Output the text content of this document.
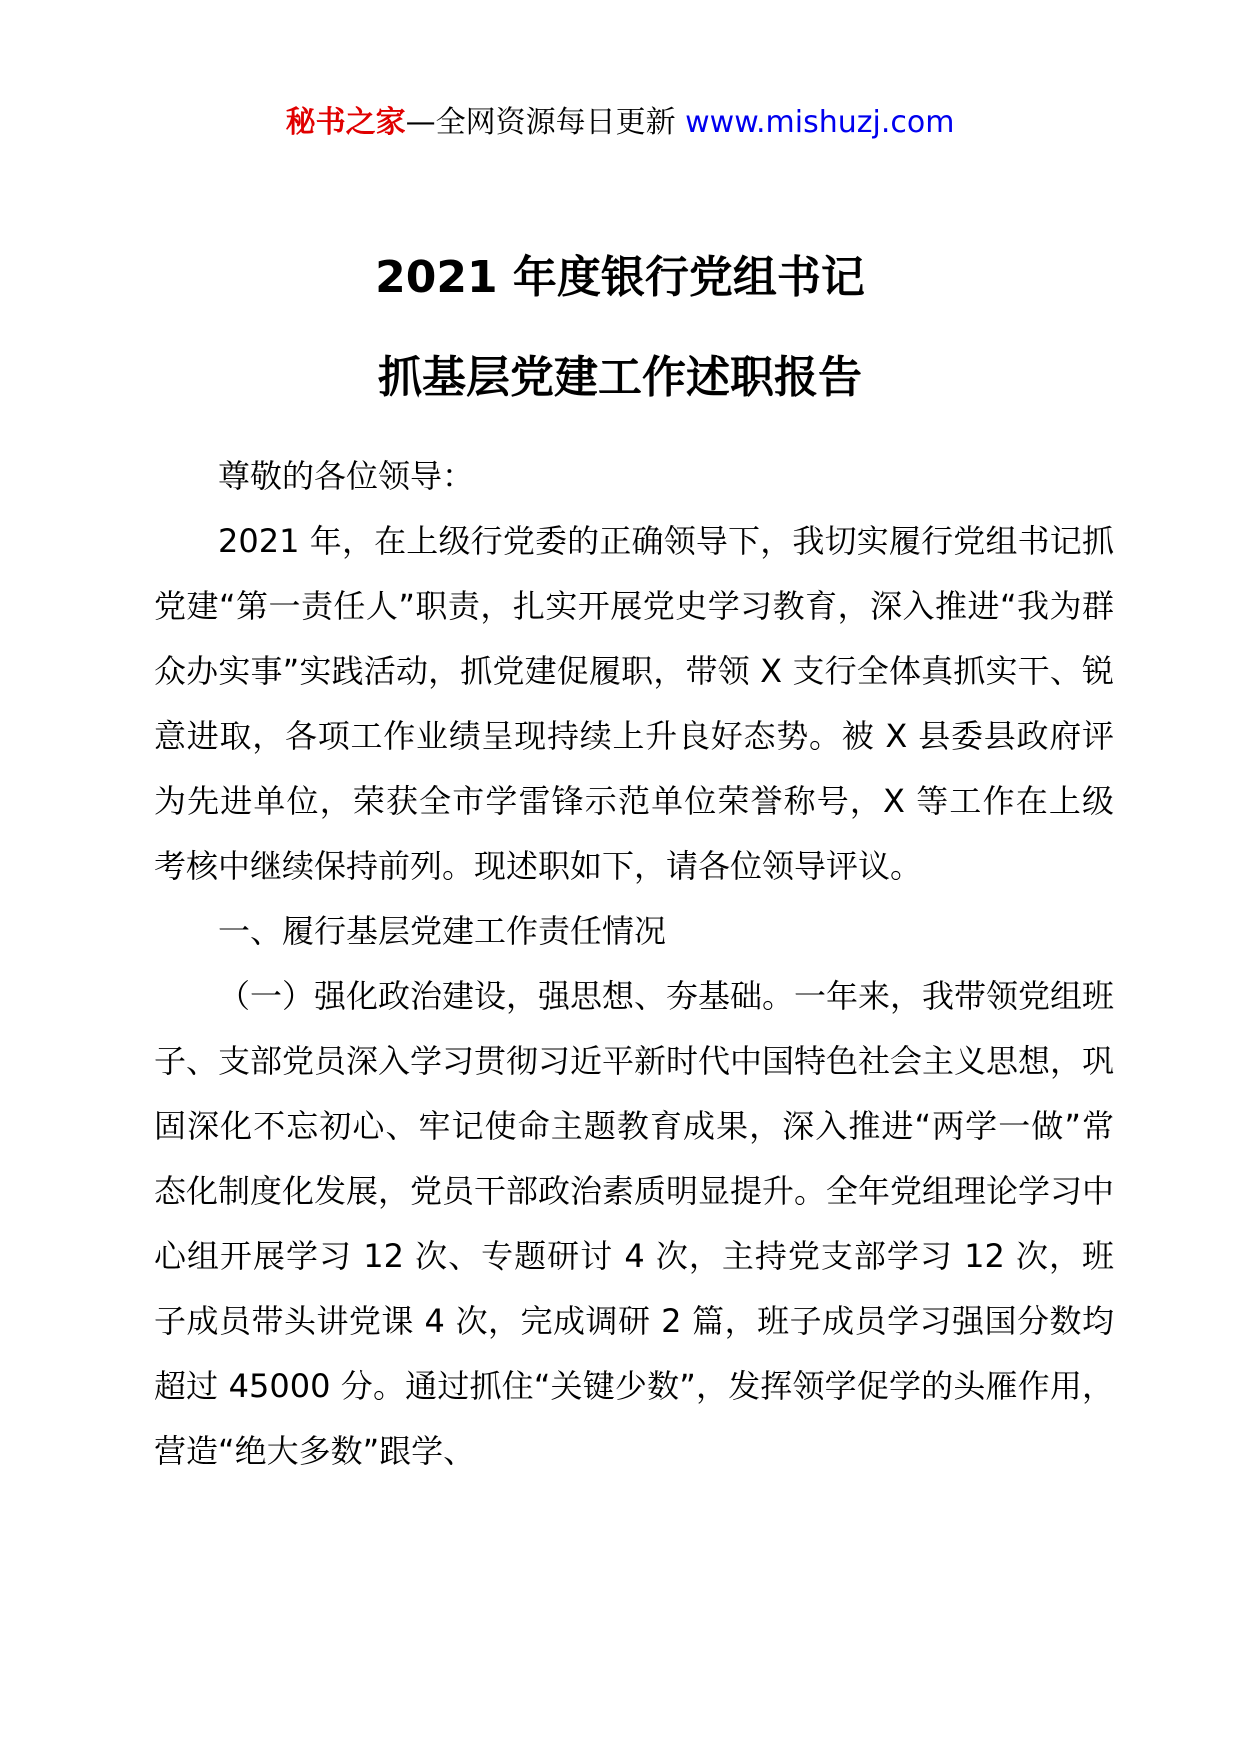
秘书之家—全网资源每日更新 www.mishuzj.com
2021 年度银行党组书记
抓基层党建工作述职报告

尊敬的各位领导：

2021 年，在上级行党委的正确领导下，我切实履行党组书记抓党建“第一责任人”职责，扎实开展党史学习教育，深入推进“我为群众办实事”实践活动，抓党建促履职，带领 X 支行全体真抓实干、锐意进取，各项工作业绩呈现持续上升良好态势。被 X 县委县政府评为先进单位，荣获全市学雷锋示范单位荣誉称号，X 等工作在上级考核中继续保持前列。现述职如下，请各位领导评议。

一、履行基层党建工作责任情况

（一）强化政治建设，强思想、夯基础。一年来，我带领党组班子、支部党员深入学习贯彻习近平新时代中国特色社会主义思想，巩固深化不忘初心、牢记使命主题教育成果，深入推进“两学一做”常态化制度化发展，党员干部政治素质明显提升。全年党组理论学习中心组开展学习 12 次、专题研讨 4 次，主持党支部学习 12 次，班子成员带头讲党课 4 次，完成调研 2 篇，班子成员学习强国分数均超过 45000 分。通过抓住“关键少数”，发挥领学促学的头雁作用，营造“绝大多数”跟学、
